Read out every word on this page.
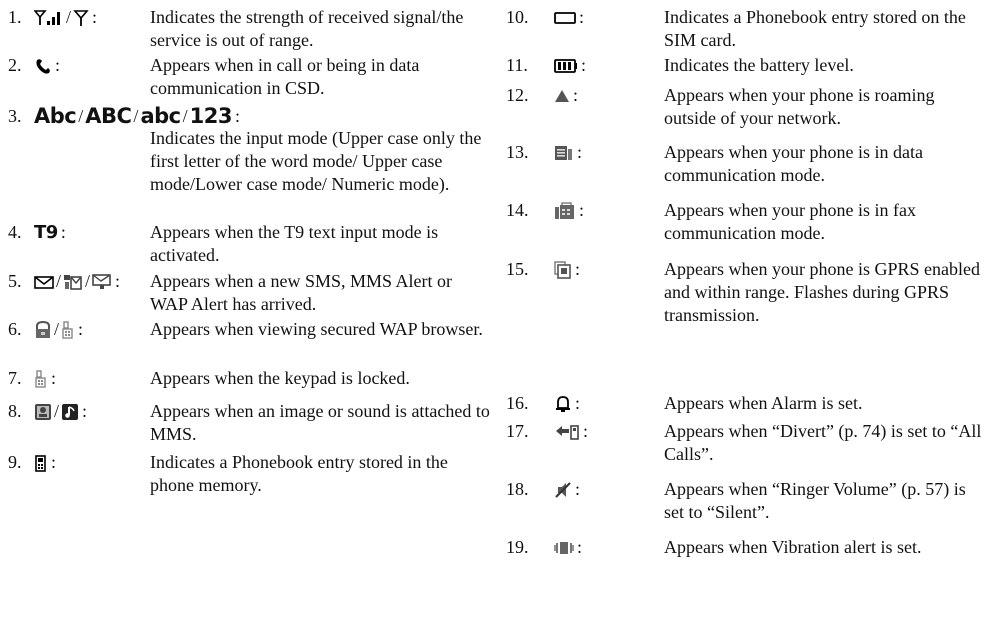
1. / :	Indicates the strength of received signal/the service is out of range.
2. :	Appears when in call or being in data communication in CSD.
3. Abc / ABC / abc / 123 :
Indicates the input mode (Upper case only the first letter of the word mode/ Upper case mode/Lower case mode/ Numeric mode).
4. T9 :	Appears when the T9 text input mode is activated.
5. / / : Appears when a new SMS, MMS Alert or WAP Alert has arrived.
6. / :	Appears when viewing secured WAP browser.
7. :	Appears when the keypad is locked.
8. / :	Appears when an image or sound is attached to MMS.
9. :	Indicates a Phonebook entry stored in the phone memory.
10.	:	Indicates a Phonebook entry stored on the SIM card.
11.	:	Indicates the battery level.
12. :	Appears when your phone is roaming outside of your network.
13.	:	Appears when your phone is in data communication mode.
14.	:	Appears when your phone is in fax communication mode.
15.	:	Appears when your phone is GPRS enabled and within range. Flashes during GPRS transmission.
16.	:	Appears when Alarm is set.
17.	:	Appears when “Divert” (p. 74) is set to “All Calls”.
18.	:	Appears when “Ringer Volume” (p. 57) is set to “Silent”.
19.	:	Appears when Vibration alert is set.
